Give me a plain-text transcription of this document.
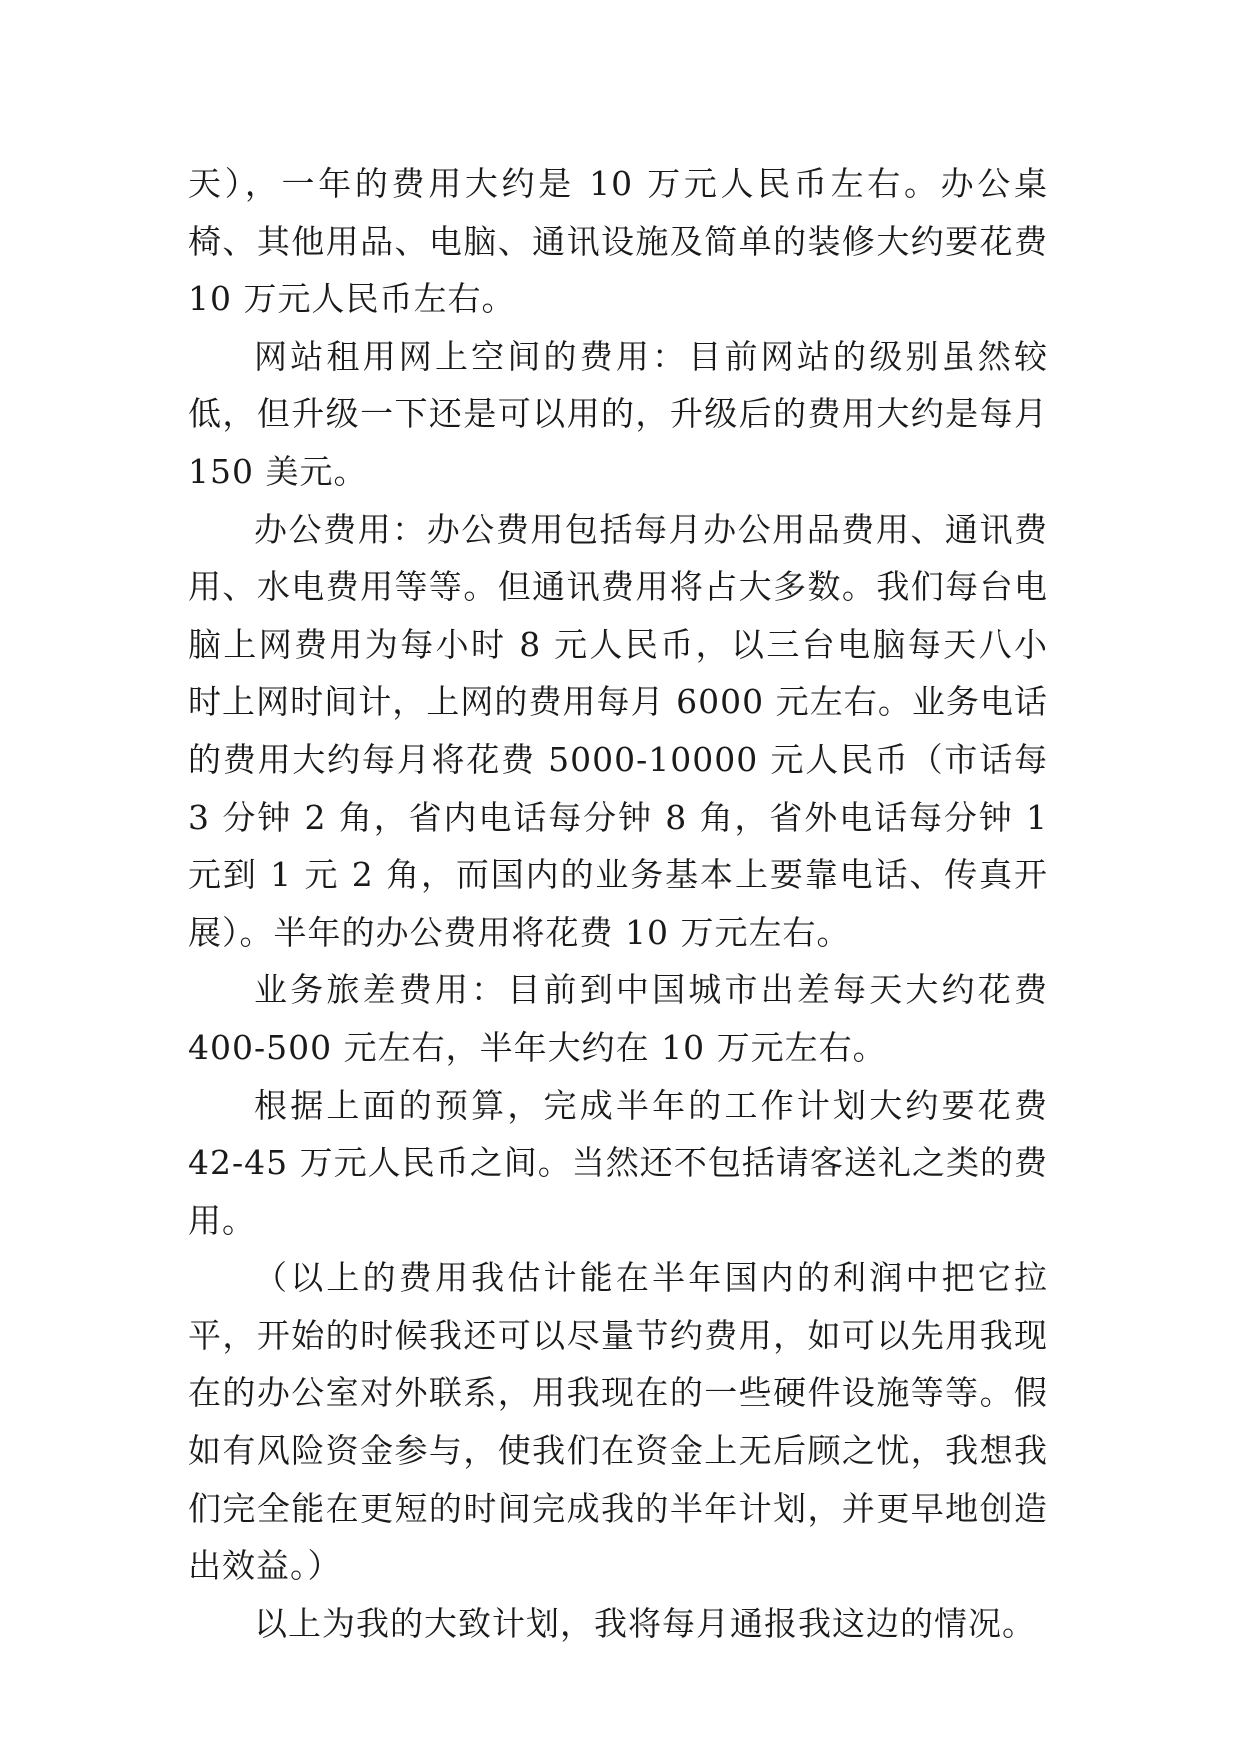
天），一年的费用大约是 10 万元人民币左右。办公桌椅、其他用品、电脑、通讯设施及简单的装修大约要花费 10 万元人民币左右。

网站租用网上空间的费用：目前网站的级别虽然较低，但升级一下还是可以用的，升级后的费用大约是每月 150 美元。

办公费用：办公费用包括每月办公用品费用、通讯费用、水电费用等等。但通讯费用将占大多数。我们每台电脑上网费用为每小时 8 元人民币，以三台电脑每天八小时上网时间计，上网的费用每月 6000 元左右。业务电话的费用大约每月将花费 5000-10000 元人民币（市话每 3 分钟 2 角，省内电话每分钟 8 角，省外电话每分钟 1 元到 1 元 2 角，而国内的业务基本上要靠电话、传真开展）。半年的办公费用将花费 10 万元左右。

业务旅差费用：目前到中国城市出差每天大约花费 400-500 元左右，半年大约在 10 万元左右。

根据上面的预算，完成半年的工作计划大约要花费 42-45 万元人民币之间。当然还不包括请客送礼之类的费用。

（以上的费用我估计能在半年国内的利润中把它拉平，开始的时候我还可以尽量节约费用，如可以先用我现在的办公室对外联系，用我现在的一些硬件设施等等。假如有风险资金参与，使我们在资金上无后顾之忧，我想我们完全能在更短的时间完成我的半年计划，并更早地创造出效益。）

以上为我的大致计划，我将每月通报我这边的情况。
